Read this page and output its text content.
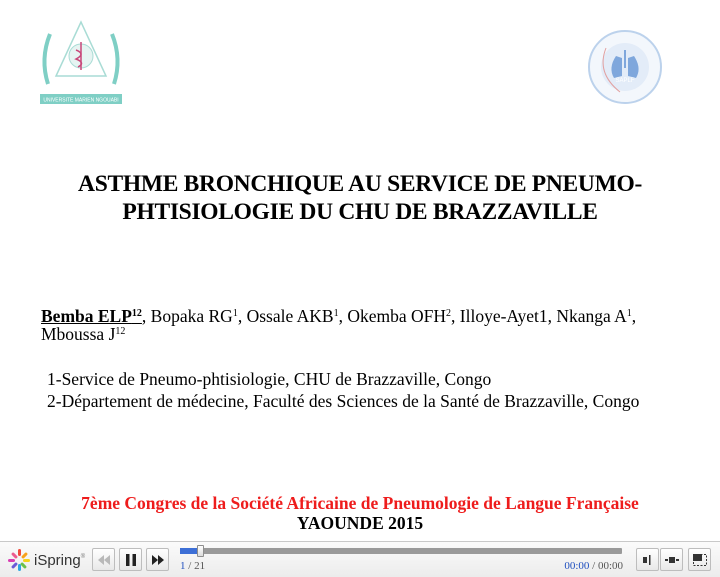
UNIVERSITE MARIEN NGOUABI
SAPLF
ASTHME BRONCHIQUE AU SERVICE DE PNEUMO-
PHTISIOLOGIE DU CHU DE BRAZZAVILLE
Bemba ELP$^{12}$, Bopaka $RG^1$, Ossale AKB$^1$, Okemba OFH$^2$, Illoye-Ayet1, Nkanga $A^1$,
Mboussa $J^{12}$
1-Service de Pneumo-phtisiologie, CHU de Brazzaville, Congo
2-Département de médecine, Faculté des Sciences de la Santé de Brazzaville, Congo
7ème Congres de la Société Africaine de Pneumologie de Langue Française
YAOUNDE 2015
iSpring®
1 / 21	00:00 / 00:00
